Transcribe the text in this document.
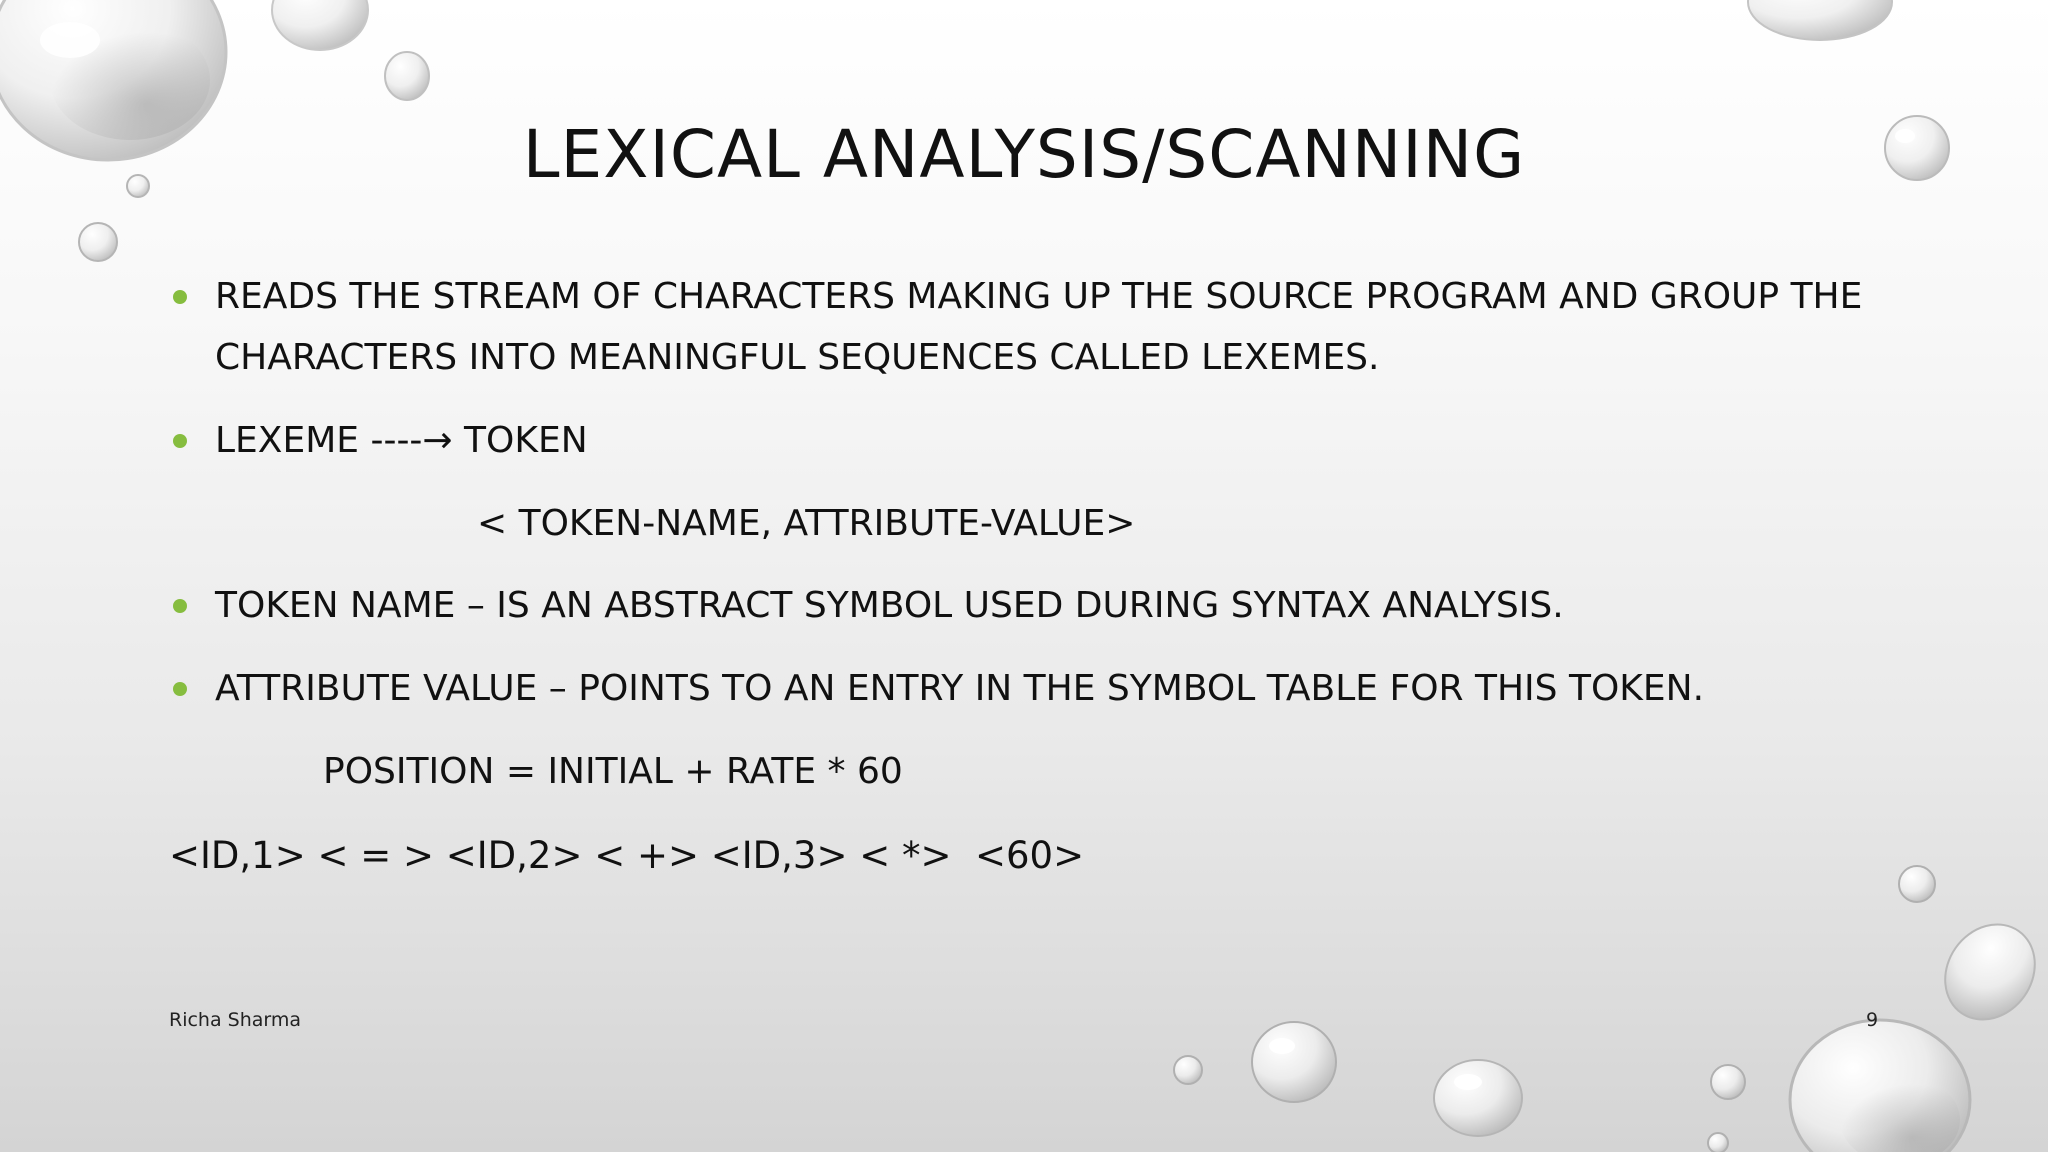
LEXICAL ANALYSIS/SCANNING
READS THE STREAM OF CHARACTERS MAKING UP THE SOURCE PROGRAM AND GROUP THE
CHARACTERS INTO MEANINGFUL SEQUENCES CALLED LEXEMES.
LEXEME ----→ TOKEN
< TOKEN-NAME, ATTRIBUTE-VALUE>
TOKEN NAME – IS AN ABSTRACT SYMBOL USED DURING SYNTAX ANALYSIS.
ATTRIBUTE VALUE – POINTS TO AN ENTRY IN THE SYMBOL TABLE FOR THIS TOKEN.
POSITION = INITIAL + RATE * 60
<ID,1> < = > <ID,2> < +> <ID,3> < *>  <60>
Richa Sharma	9
